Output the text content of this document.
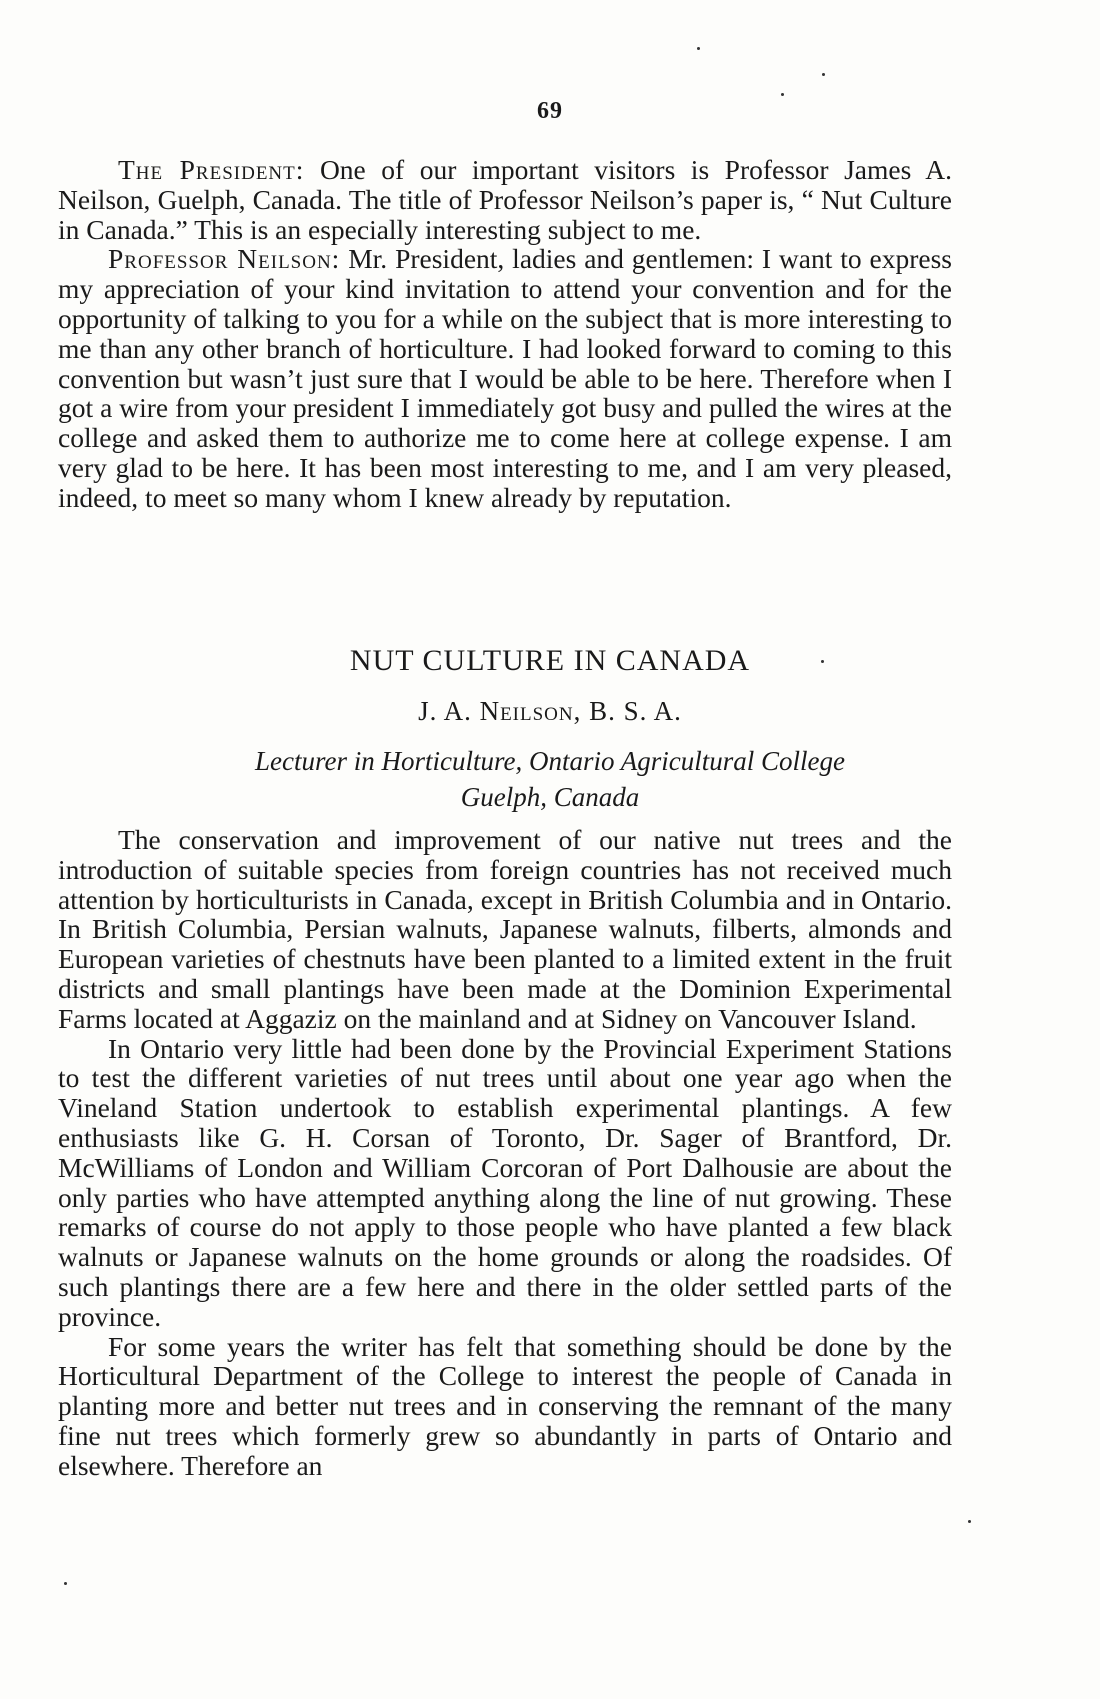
69

The President: One of our important visitors is Professor James A. Neilson, Guelph, Canada. The title of Professor Neilson’s paper is, “ Nut Culture in Canada.” This is an especially interesting subject to me.

Professor Neilson: Mr. President, ladies and gentlemen: I want to express my appreciation of your kind invitation to attend your convention and for the opportunity of talking to you for a while on the subject that is more interesting to me than any other branch of horticulture. I had looked forward to coming to this convention but wasn’t just sure that I would be able to be here. Therefore when I got a wire from your president I immediately got busy and pulled the wires at the college and asked them to authorize me to come here at college expense. I am very glad to be here. It has been most interesting to me, and I am very pleased, indeed, to meet so many whom I knew already by reputation.

NUT CULTURE IN CANADA
J. A. Neilson, B. S. A.
Lecturer in Horticulture, Ontario Agricultural College
Guelph, Canada

The conservation and improvement of our native nut trees and the introduction of suitable species from foreign countries has not received much attention by horticulturists in Canada, except in British Columbia and in Ontario. In British Columbia, Persian walnuts, Japanese walnuts, filberts, almonds and European varieties of chestnuts have been planted to a limited extent in the fruit districts and small plantings have been made at the Dominion Experimental Farms located at Aggaziz on the mainland and at Sidney on Vancouver Island.

In Ontario very little had been done by the Provincial Experiment Stations to test the different varieties of nut trees until about one year ago when the Vineland Station undertook to establish experimental plantings. A few enthusiasts like G. H. Corsan of Toronto, Dr. Sager of Brantford, Dr. McWilliams of London and William Corcoran of Port Dalhousie are about the only parties who have attempted anything along the line of nut growing. These remarks of course do not apply to those people who have planted a few black walnuts or Japanese walnuts on the home grounds or along the roadsides. Of such plantings there are a few here and there in the older settled parts of the province.

For some years the writer has felt that something should be done by the Horticultural Department of the College to interest the people of Canada in planting more and better nut trees and in conserving the remnant of the many fine nut trees which formerly grew so abundantly in parts of Ontario and elsewhere. Therefore an
